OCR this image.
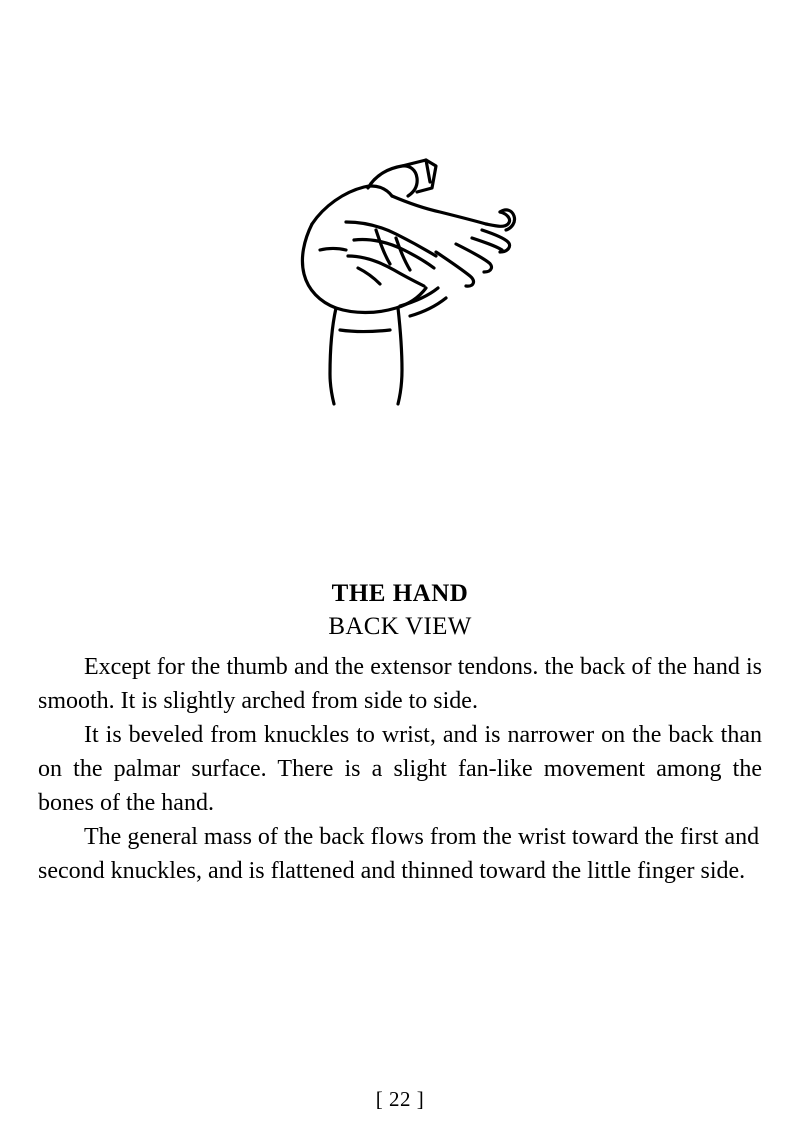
THE HAND
BACK VIEW

Except for the thumb and the extensor tendons. the back of the hand is smooth. It is slightly arched from side to side.

It is beveled from knuckles to wrist, and is narrower on the back than on the palmar surface. There is a slight fan-like movement among the bones of the hand.

The general mass of the back flows from the wrist toward the first and second knuckles, and is flattened and thinned toward the little finger side.

[ 22 ]
